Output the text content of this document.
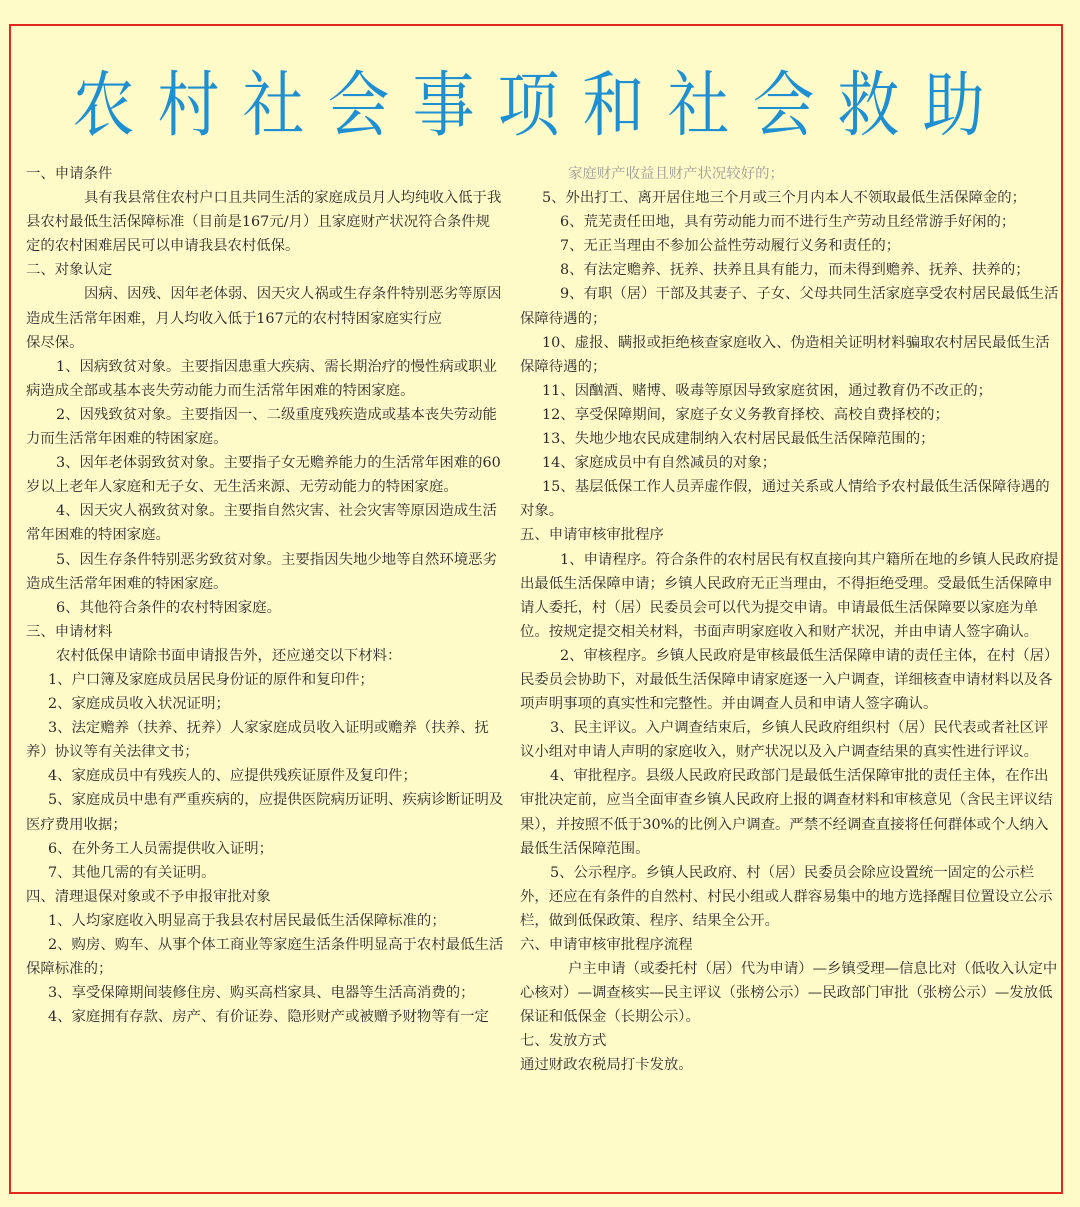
农村社会事项和社会救助

一、申请条件

具有我县常住农村户口且共同生活的家庭成员月人均纯收入低于我县农村最低生活保障标准（目前是167元/月）且家庭财产状况符合条件规定的农村困难居民可以申请我县农村低保。

二、对象认定

因病、因残、因年老体弱、因天灾人祸或生存条件特别恶劣等原因造成生活常年困难，月人均收入低于167元的农村特困家庭实行应

保尽保。

1、因病致贫对象。主要指因患重大疾病、需长期治疗的慢性病或职业病造成全部或基本丧失劳动能力而生活常年困难的特困家庭。

2、因残致贫对象。主要指因一、二级重度残疾造成或基本丧失劳动能力而生活常年困难的特困家庭。

3、因年老体弱致贫对象。主要指子女无赡养能力的生活常年困难的60岁以上老年人家庭和无子女、无生活来源、无劳动能力的特困家庭。

4、因天灾人祸致贫对象。主要指自然灾害、社会灾害等原因造成生活常年困难的特困家庭。

5、因生存条件特别恶劣致贫对象。主要指因失地少地等自然环境恶劣造成生活常年困难的特困家庭。

6、其他符合条件的农村特困家庭。

三、申请材料

农村低保申请除书面申请报告外，还应递交以下材料：

1、户口簿及家庭成员居民身份证的原件和复印件；

2、家庭成员收入状况证明；

3、法定赡养（扶养、抚养）人家家庭成员收入证明或赡养（扶养、抚养）协议等有关法律文书；

4、家庭成员中有残疾人的、应提供残疾证原件及复印件；

5、家庭成员中患有严重疾病的，应提供医院病历证明、疾病诊断证明及医疗费用收据；

6、在外务工人员需提供收入证明；

7、其他几需的有关证明。

四、清理退保对象或不予申报审批对象

1、人均家庭收入明显高于我县农村居民最低生活保障标准的；

2、购房、购车、从事个体工商业等家庭生活条件明显高于农村最低生活保障标准的；

3、享受保障期间装修住房、购买高档家具、电器等生活高消费的；

4、家庭拥有存款、房产、有价证券、隐形财产或被赠予财物等有一定

家庭财产收益且财产状况较好的；

5、外出打工、离开居住地三个月或三个月内本人不领取最低生活保障金的；

6、荒芜责任田地，具有劳动能力而不进行生产劳动且经常游手好闲的；

7、无正当理由不参加公益性劳动履行义务和责任的；

8、有法定赡养、抚养、扶养且具有能力，而未得到赡养、抚养、扶养的；

9、有职（居）干部及其妻子、子女、父母共同生活家庭享受农村居民最低生活保障待遇的；

10、虚报、瞒报或拒绝核查家庭收入、伪造相关证明材料骗取农村居民最低生活保障待遇的；

11、因酗酒、赌博、吸毒等原因导致家庭贫困，通过教育仍不改正的；

12、享受保障期间，家庭子女义务教育择校、高校自费择校的；

13、失地少地农民成建制纳入农村居民最低生活保障范围的；

14、家庭成员中有自然减员的对象；

15、基层低保工作人员弄虚作假，通过关系或人情给予农村最低生活保障待遇的对象。

五、申请审核审批程序

1、申请程序。符合条件的农村居民有权直接向其户籍所在地的乡镇人民政府提出最低生活保障申请；乡镇人民政府无正当理由，不得拒绝受理。受最低生活保障申请人委托，村（居）民委员会可以代为提交申请。申请最低生活保障要以家庭为单位。按规定提交相关材料，书面声明家庭收入和财产状况，并由申请人签字确认。

2、审核程序。乡镇人民政府是审核最低生活保障申请的责任主体，在村（居）民委员会协助下，对最低生活保障申请家庭逐一入户调查，详细核查申请材料以及各项声明事项的真实性和完整性。并由调查人员和申请人签字确认。

3、民主评议。入户调查结束后，乡镇人民政府组织村（居）民代表或者社区评议小组对申请人声明的家庭收入，财产状况以及入户调查结果的真实性进行评议。

4、审批程序。县级人民政府民政部门是最低生活保障审批的责任主体，在作出审批决定前，应当全面审查乡镇人民政府上报的调查材料和审核意见（含民主评议结果），并按照不低于30%的比例入户调查。严禁不经调查直接将任何群体或个人纳入最低生活保障范围。

5、公示程序。乡镇人民政府、村（居）民委员会除应设置统一固定的公示栏外，还应在有条件的自然村、村民小组或人群容易集中的地方选择醒目位置设立公示栏，做到低保政策、程序、结果全公开。

六、申请审核审批程序流程

户主申请（或委托村（居）代为申请）—乡镇受理—信息比对（低收入认定中心核对）—调查核实—民主评议（张榜公示）—民政部门审批（张榜公示）—发放低保证和低保金（长期公示）。

七、发放方式

通过财政农税局打卡发放。
